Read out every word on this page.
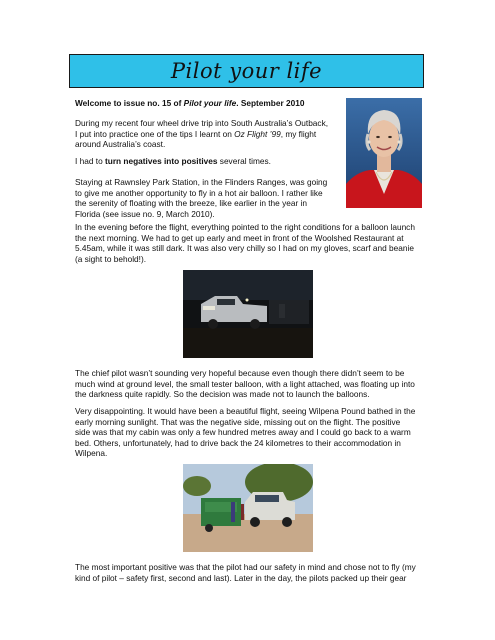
Pilot your life

Welcome to issue no. 15 of Pilot your life. September 2010

During my recent four wheel drive trip into South Australia’s Outback,
I put into practice one of the tips I learnt on Oz Flight ’99, my flight
around Australia’s coast.

I had to turn negatives into positives several times.

Staying at Rawnsley Park Station, in the Flinders Ranges, was going
to give me another opportunity to fly in a hot air balloon. I rather like
the serenity of floating with the breeze, like earlier in the year in
Florida (see issue no. 9, March 2010).

In the evening before the flight, everything pointed to the right conditions for a balloon launch
the next morning. We had to get up early and meet in front of the Woolshed Restaurant at
5.45am, while it was still dark. It was also very chilly so I had on my gloves, scarf and beanie
(a sight to behold!).

The chief pilot wasn’t sounding very hopeful because even though there didn’t seem to be
much wind at ground level, the small tester balloon, with a light attached, was floating up into
the darkness quite rapidly. So the decision was made not to launch the balloons.

Very disappointing. It would have been a beautiful flight, seeing Wilpena Pound bathed in the
early morning sunlight. That was the negative side, missing out on the flight. The positive
side was that my cabin was only a few hundred metres away and I could go back to a warm
bed. Others, unfortunately, had to drive back the 24 kilometres to their accommodation in
Wilpena.

The most important positive was that the pilot had our safety in mind and chose not to fly (my
kind of pilot – safety first, second and last). Later in the day, the pilots packed up their gear
